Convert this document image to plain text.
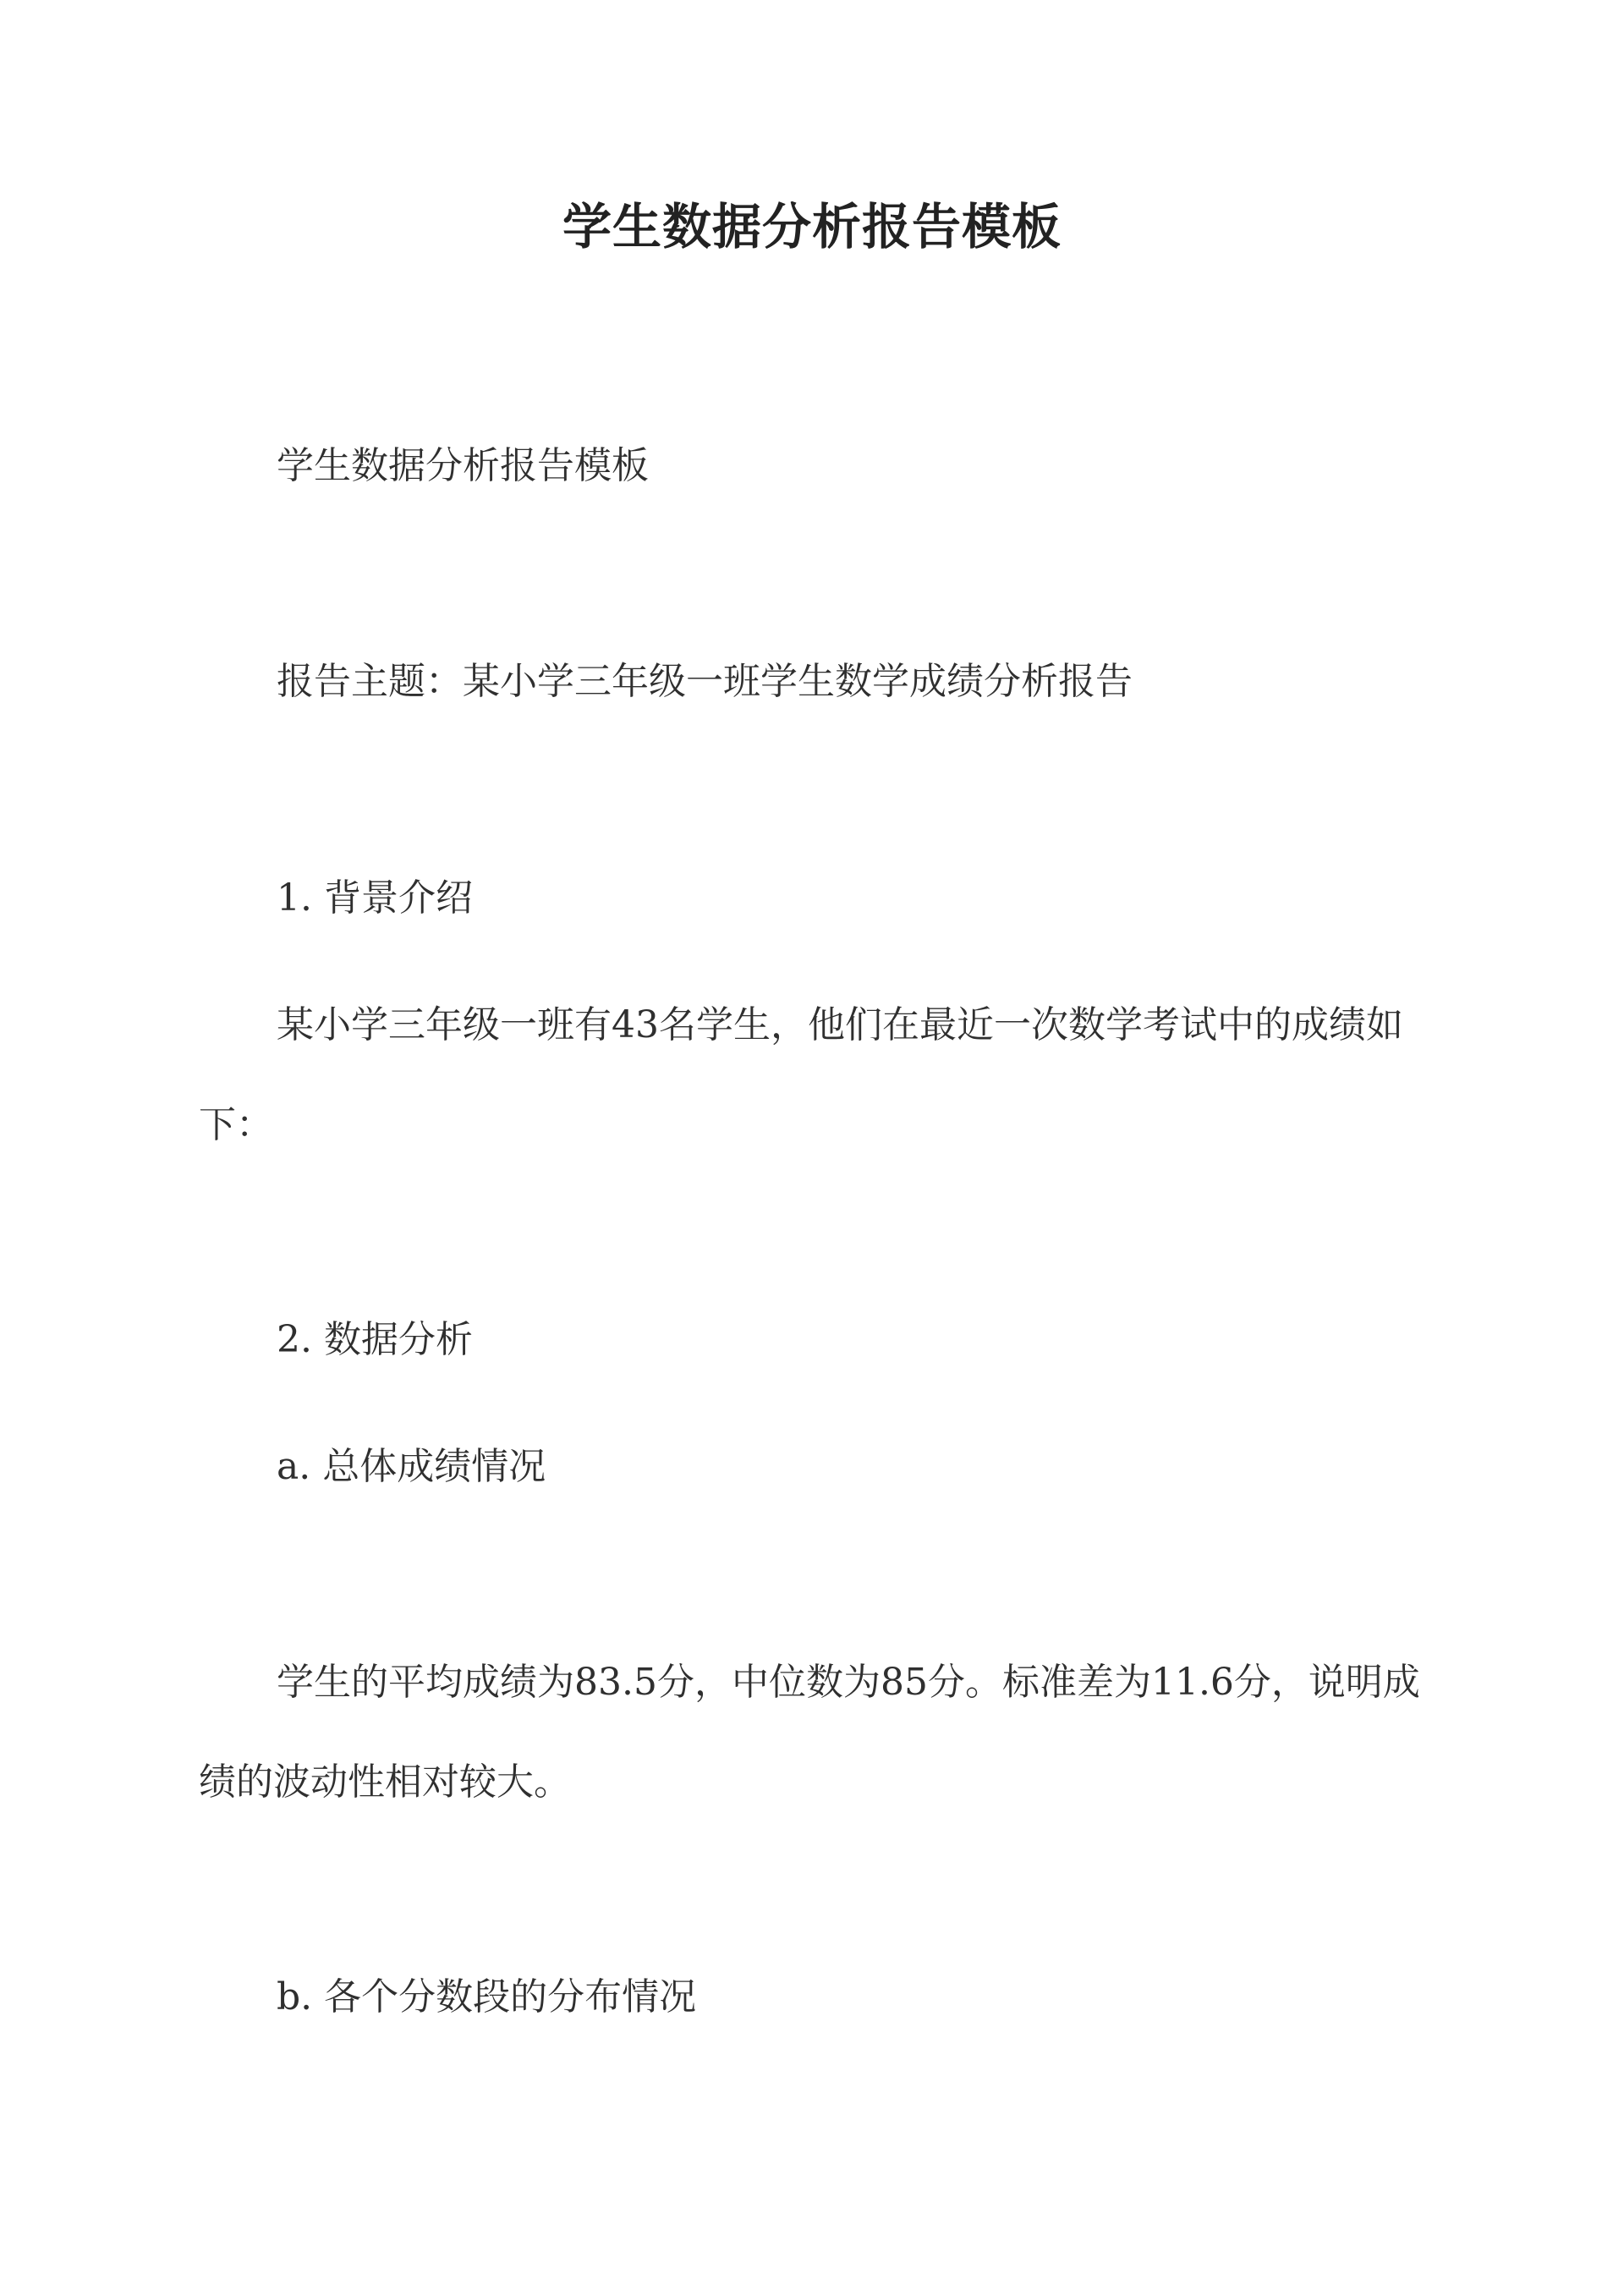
学生数据分析报告模板
学生数据分析报告模板
报告主题：某小学三年级一班学生数学成绩分析报告
1. 背景介绍
某小学三年级一班有43名学生，他们在最近一次数学考试中的成绩如下：
2. 数据分析
a. 总体成绩情况
学生的平均成绩为83.5分，中位数为85分。标准差为11.6分，说明成绩的波动性相对较大。
b. 各个分数段的分布情况
